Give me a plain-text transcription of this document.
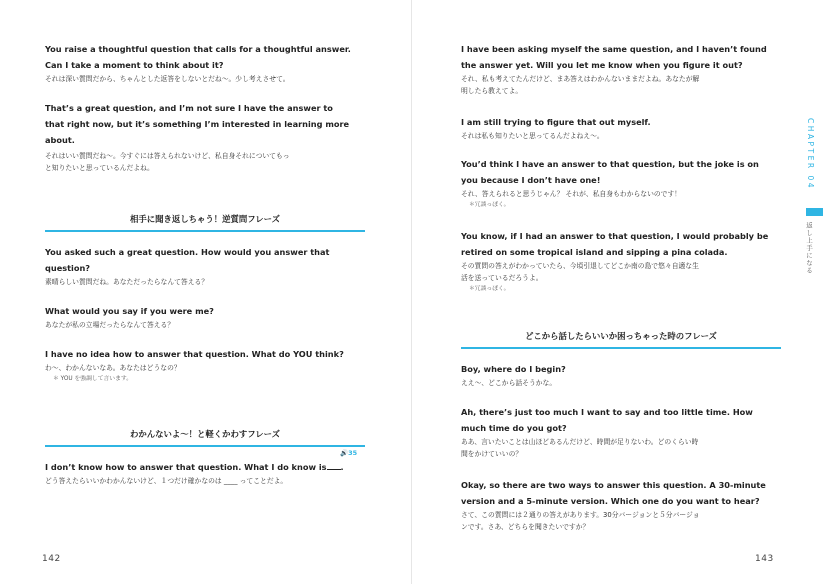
You raise a thoughtful question that calls for a thoughtful answer.

Can I take a moment to think about it?

それは深い質問だから、ちゃんとした返答をしないとだね〜。少し考えさせて。

That’s a great question, and I’m not sure I have the answer to

that right now, but it’s something I’m interested in learning more

about.

それはいい質問だね〜。今すぐには答えられないけど、私自身それについてもっ

と知りたいと思っているんだよね。

相手に聞き返しちゃう！逆質問フレーズ

You asked such a great question. How would you answer that

question?

素晴らしい質問だね。あなただったらなんて答える？

What would you say if you were me?

あなたが私の立場だったらなんて答える？

I have no idea how to answer that question. What do YOU think?

わ〜、わかんないなあ。あなたはどうなの？

＊ YOU を強調して言います。

わかんないよ〜！と軽くかわすフレーズ
🔊35

I don’t know how to answer that question. What I do know is .

どう答えたらいいかわかんないけど、１つだけ確かなのは ____ ってことだよ。

142

I have been asking myself the same question, and I haven’t found

the answer yet. Will you let me know when you figure it out?

それ、私も考えてたんだけど、まあ答えはわかんないままだよね。あなたが解

明したら教えてよ。

I am still trying to figure that out myself.

それは私も知りたいと思ってるんだよねえ〜。

You’d think I have an answer to that question, but the joke is on

you because I don’t have one!

それ、答えられると思うじゃん？ それが、私自身もわからないのです！

＊冗談っぽく。

You know, if I had an answer to that question, I would probably be

retired on some tropical island and sipping a pina colada.

その質問の答えがわかっていたら、今頃引退してどこか南の島で悠々自適な生

活を送っているだろうよ。

＊冗談っぽく。

どこから話したらいいか困っちゃった時のフレーズ

Boy, where do I begin?

ええ〜、どこから話そうかな。

Ah, there’s just too much I want to say and too little time. How

much time do you got?

ああ、言いたいことは山ほどあるんだけど、時間が足りないわ。どのくらい時

間をかけていいの？

Okay, so there are two ways to answer this question. A 30-minute

version and a 5-minute version. Which one do you want to hear?

さて、この質問には２通りの答えがあります。30分バージョンと５分バージョ

ンです。さあ、どちらを聞きたいですか？

143
CHAPTER 04
返し上手になる
